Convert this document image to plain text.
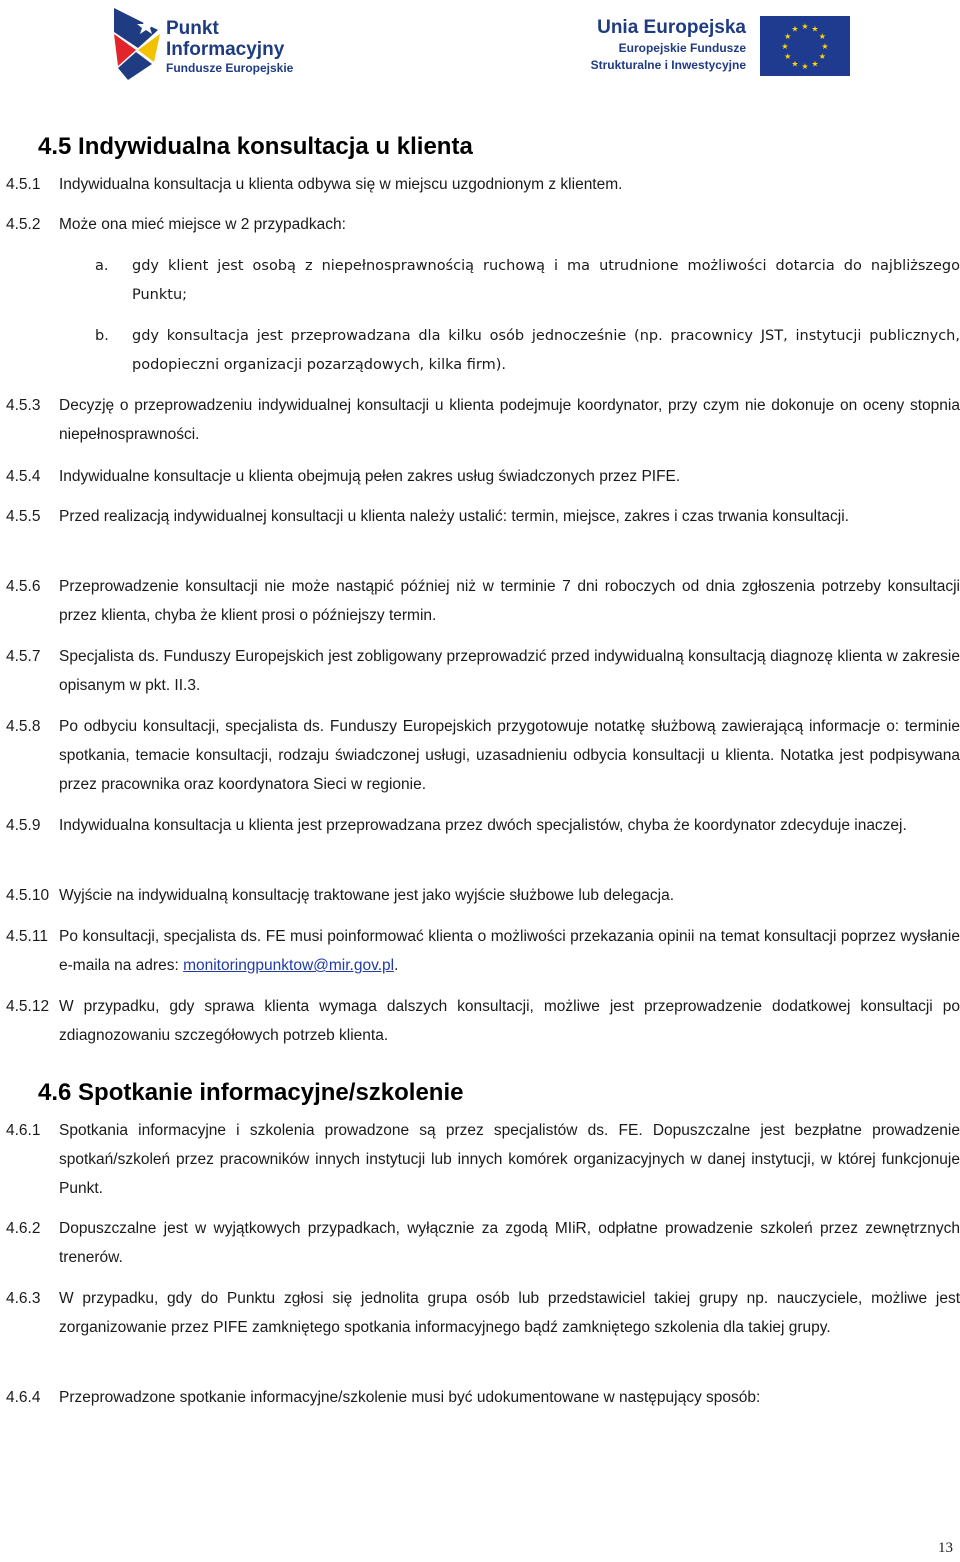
Punkt
Informacyjny
Fundusze Europejskie
Unia Europejska
Europejskie Fundusze
Strukturalne i Inwestycyjne
★ ★
★
★
★
★
★
★
★
★
★
★
4.5 Indywidualna konsultacja u klienta
4.5.1 Indywidualna konsultacja u klienta odbywa się w miejscu uzgodnionym z klientem.
4.5.2 Może ona mieć miejsce w 2 przypadkach:
a. gdy klient jest osobą z niepełnosprawnością ruchową i ma utrudnione możliwości dotarcia do najbliższego Punktu;
b. gdy konsultacja jest przeprowadzana dla kilku osób jednocześnie (np. pracownicy JST, instytucji publicznych, podopieczni organizacji pozarządowych, kilka firm).
4.5.3 Decyzję o przeprowadzeniu indywidualnej konsultacji u klienta podejmuje koordynator, przy czym nie dokonuje on oceny stopnia niepełnosprawności.
4.5.4 Indywidualne konsultacje u klienta obejmują pełen zakres usług świadczonych przez PIFE.
4.5.5 Przed realizacją indywidualnej konsultacji u klienta należy ustalić: termin, miejsce, zakres i czas trwania konsultacji.
4.5.6 Przeprowadzenie konsultacji nie może nastąpić później niż w terminie 7 dni roboczych od dnia zgłoszenia potrzeby konsultacji przez klienta, chyba że klient prosi o późniejszy termin.
4.5.7 Specjalista ds. Funduszy Europejskich jest zobligowany przeprowadzić przed indywidualną konsultacją diagnozę klienta w zakresie opisanym w pkt. II.3.
4.5.8 Po odbyciu konsultacji, specjalista ds. Funduszy Europejskich przygotowuje notatkę służbową zawierającą informacje o: terminie spotkania, temacie konsultacji, rodzaju świadczonej usługi, uzasadnieniu odbycia konsultacji u klienta. Notatka jest podpisywana przez pracownika oraz koordynatora Sieci w regionie.
4.5.9 Indywidualna konsultacja u klienta jest przeprowadzana przez dwóch specjalistów, chyba że koordynator zdecyduje inaczej.
4.5.10 Wyjście na indywidualną konsultację traktowane jest jako wyjście służbowe lub delegacja.
4.5.11 Po konsultacji, specjalista ds. FE musi poinformować klienta o możliwości przekazania opinii na temat konsultacji poprzez wysłanie e-maila na adres: monitoringpunktow@mir.gov.pl.
4.5.12 W przypadku, gdy sprawa klienta wymaga dalszych konsultacji, możliwe jest przeprowadzenie dodatkowej konsultacji po zdiagnozowaniu szczegółowych potrzeb klienta.
4.6 Spotkanie informacyjne/szkolenie
4.6.1 Spotkania informacyjne i szkolenia prowadzone są przez specjalistów ds. FE. Dopuszczalne jest bezpłatne prowadzenie spotkań/szkoleń przez pracowników innych instytucji lub innych komórek organizacyjnych w danej instytucji, w której funkcjonuje Punkt.
4.6.2 Dopuszczalne jest w wyjątkowych przypadkach, wyłącznie za zgodą MIiR, odpłatne prowadzenie szkoleń przez zewnętrznych trenerów.
4.6.3 W przypadku, gdy do Punktu zgłosi się jednolita grupa osób lub przedstawiciel takiej grupy np. nauczyciele, możliwe jest zorganizowanie przez PIFE zamkniętego spotkania informacyjnego bądź zamkniętego szkolenia dla takiej grupy.
4.6.4 Przeprowadzone spotkanie informacyjne/szkolenie musi być udokumentowane w następujący sposób:
13
